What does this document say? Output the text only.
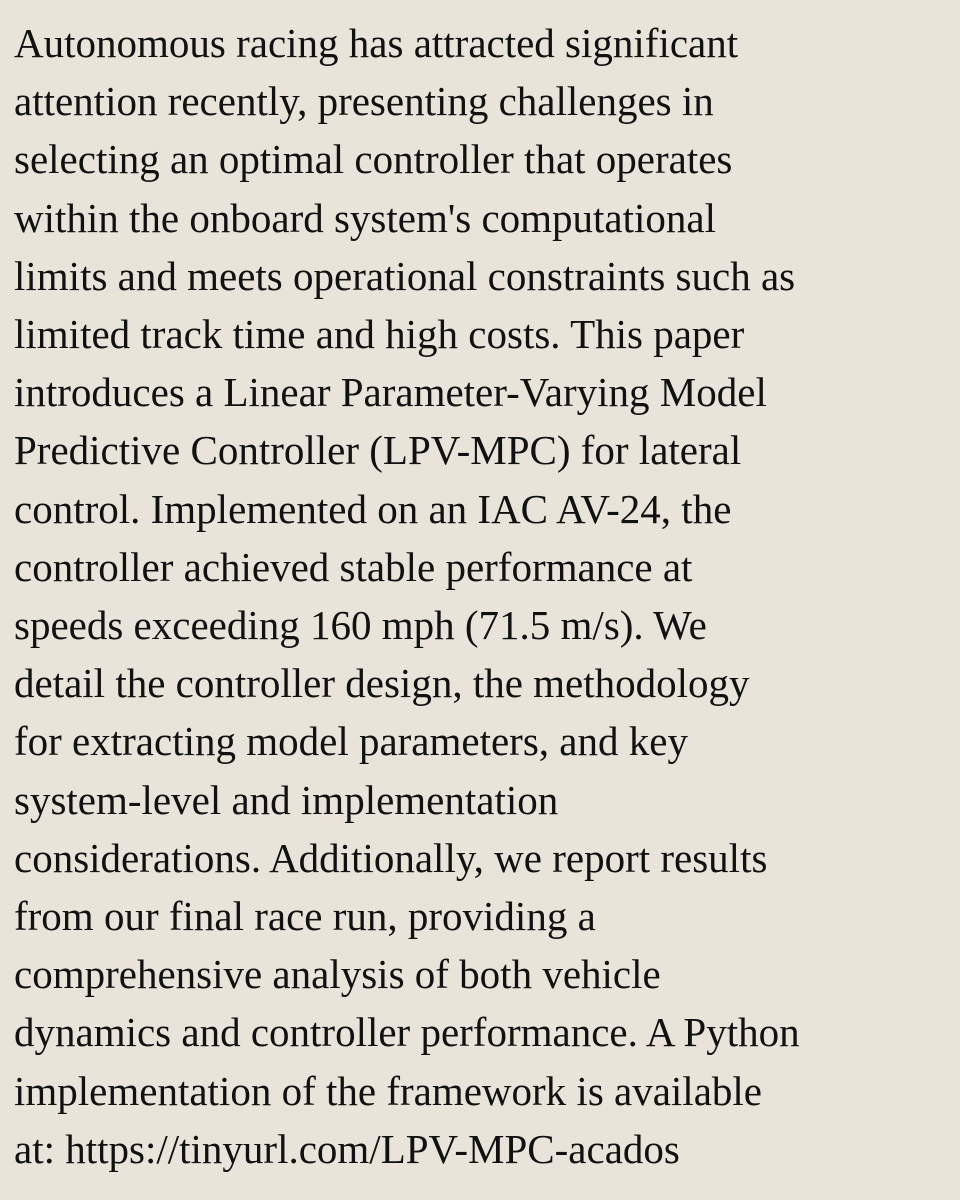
Autonomous racing has attracted significant
attention recently, presenting challenges in
selecting an optimal controller that operates
within the onboard system's computational
limits and meets operational constraints such as
limited track time and high costs. This paper
introduces a Linear Parameter-Varying Model
Predictive Controller (LPV-MPC) for lateral
control. Implemented on an IAC AV-24, the
controller achieved stable performance at
speeds exceeding 160 mph (71.5 m/s). We
detail the controller design, the methodology
for extracting model parameters, and key
system-level and implementation
considerations. Additionally, we report results
from our final race run, providing a
comprehensive analysis of both vehicle
dynamics and controller performance. A Python
implementation of the framework is available
at: https://tinyurl.com/LPV-MPC-acados
